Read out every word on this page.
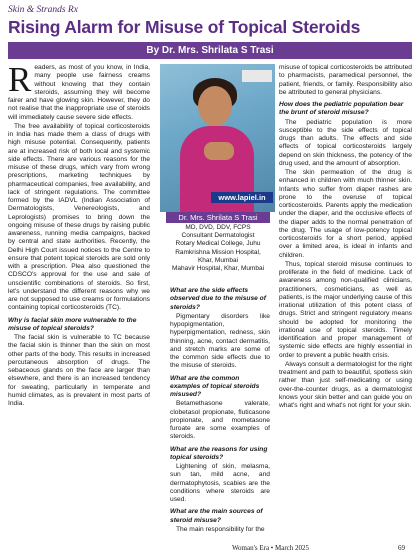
Skin & Strands Rx
Rising Alarm for Misuse of Topical Steroids
By Dr. Mrs. Shrilata S Trasi

Readers, as most of you know, in India, many people use fairness creams without knowing that they contain steroids, assuming they will become fairer and have glowing skin. However, they do not realise that the inappropriate use of steroids will immediately cause severe side effects.

The free availability of topical corticosteroids in India has made them a class of drugs with high misuse potential. Consequently, patients are at increased risk of both local and systemic side effects. There are various reasons for the misuse of these drugs, which vary from wrong prescriptions, marketing techniques by pharmaceutical companies, free availability, and lack of stringent regulations. The committee formed by the IADVL (Indian Association of Dermatologists, Venereologists, and Leprologists) promises to bring down the ongoing misuse of these drugs by raising public awareness, running media campaigns, backed by central and state authorities. Recently, the Delhi High Court issued notices to the Centre to ensure that potent topical steroids are sold only with a prescription. Plea also questioned the CDSCO's approval for the use and sale of unscientific combinations of steroids. So first, let's understand the different reasons why we are not supposed to use creams or formulations containing topical corticosteroids (TC).

Why is facial skin more vulnerable to the misuse of topical steroids?

The facial skin is vulnerable to TC because the facial skin is thinner than the skin on most other parts of the body. This results in increased percutaneous absorption of drugs. The sebaceous glands on the face are larger than elsewhere, and there is an increased tendency for sweating, particularly in temperate and humid climates, as is prevalent in most parts of India.

www.lapiel.in
Dr. Mrs. Shrilata S Trasi
MD, DVD, DDV, FCPS
Consultant Dermatologist
Rotary Medical College, Juhu
Ramkrishna Mission Hospital,
Khar, Mumbai
Mahavir Hospital, Khar, Mumbai

What are the side effects observed due to the misuse of steroids?

Pigmentary disorders like hypopigmentation, hyperpigmentation, redness, skin thinning, acne, contact dermatitis, and stretch marks are some of the common side effects due to the misuse of steroids.

What are the common examples of topical steroids misused?

Betamethasone valerate, clobetasol propionate, fluticasone propionate, and mometasone furoate are some examples of steroids.

What are the reasons for using topical steroids?

Lightening of skin, melasma, sun tan, mild acne, and dermatophytosis, scabies are the conditions where steroids are used.

What are the main sources of steroid misuse?

The main responsibility for the

misuse of topical corticosteroids be attributed to pharmacists, paramedical personnel, the patient, friends, or family. Responsibility also be attributed to general physicians.

How does the pediatric population bear the brunt of steroid misuse?

The pediatric population is more susceptible to the side effects of topical drugs than adults. The effects and side effects of topical corticosteroids largely depend on skin thickness, the potency of the drug used, and the amount of absorption.

The skin permeation of the drug is enhanced in children with much thinner skin. Infants who suffer from diaper rashes are prone to the overuse of topical corticosteroids. Parents apply the medication under the diaper, and the occlusive effects of the diaper adds to the normal penetration of the drug. The usage of low-potency topical corticosteroids for a short period, applied over a limited area, is ideal in infants and children.

Thus, topical steroid misuse continues to proliferate in the field of medicine. Lack of awareness among non-qualified clinicians, practitioners, cosmeticians, as well as patients, is the major underlying cause of this irrational utilization of this potent class of drugs. Strict and stringent regulatory means should be adopted for monitoring the irrational use of topical steroids. Timely identification and proper management of systemic side effects are highly essential in order to prevent a public health crisis.

Always consult a dermatologist for the right treatment and path to beautiful, spotless skin rather than just self-medicating or using over-the-counter drugs, as a dermatologist knows your skin better and can guide you on what's right and what's not right for your skin.

Woman's Era • March 2025	69
